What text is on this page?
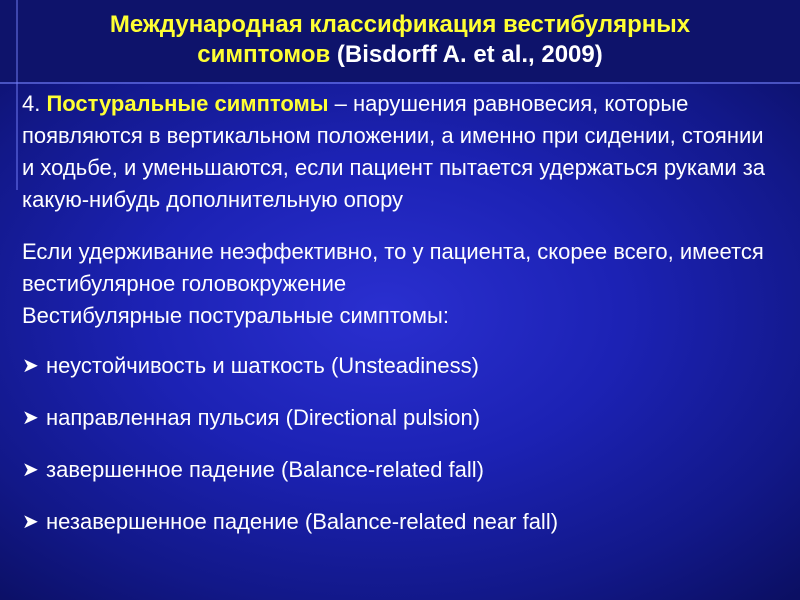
Международная классификация вестибулярных
симптомов (Bisdorff A. et al., 2009)

4. Постуральные симптомы – нарушения равновесия, которые появляются в вертикальном положении, а именно при сидении, стоянии и ходьбе, и уменьшаются, если пациент пытается удержаться руками за какую-нибудь дополнительную опору

Если удерживание неэффективно, то у пациента, скорее всего, имеется вестибулярное головокружение

Вестибулярные постуральные симптомы:

➤ неустойчивость и шаткость (Unsteadiness)

➤ направленная пульсия (Directional pulsion)

➤ завершенное падение (Balance-related fall)

➤ незавершенное падение (Balance-related near fall)
